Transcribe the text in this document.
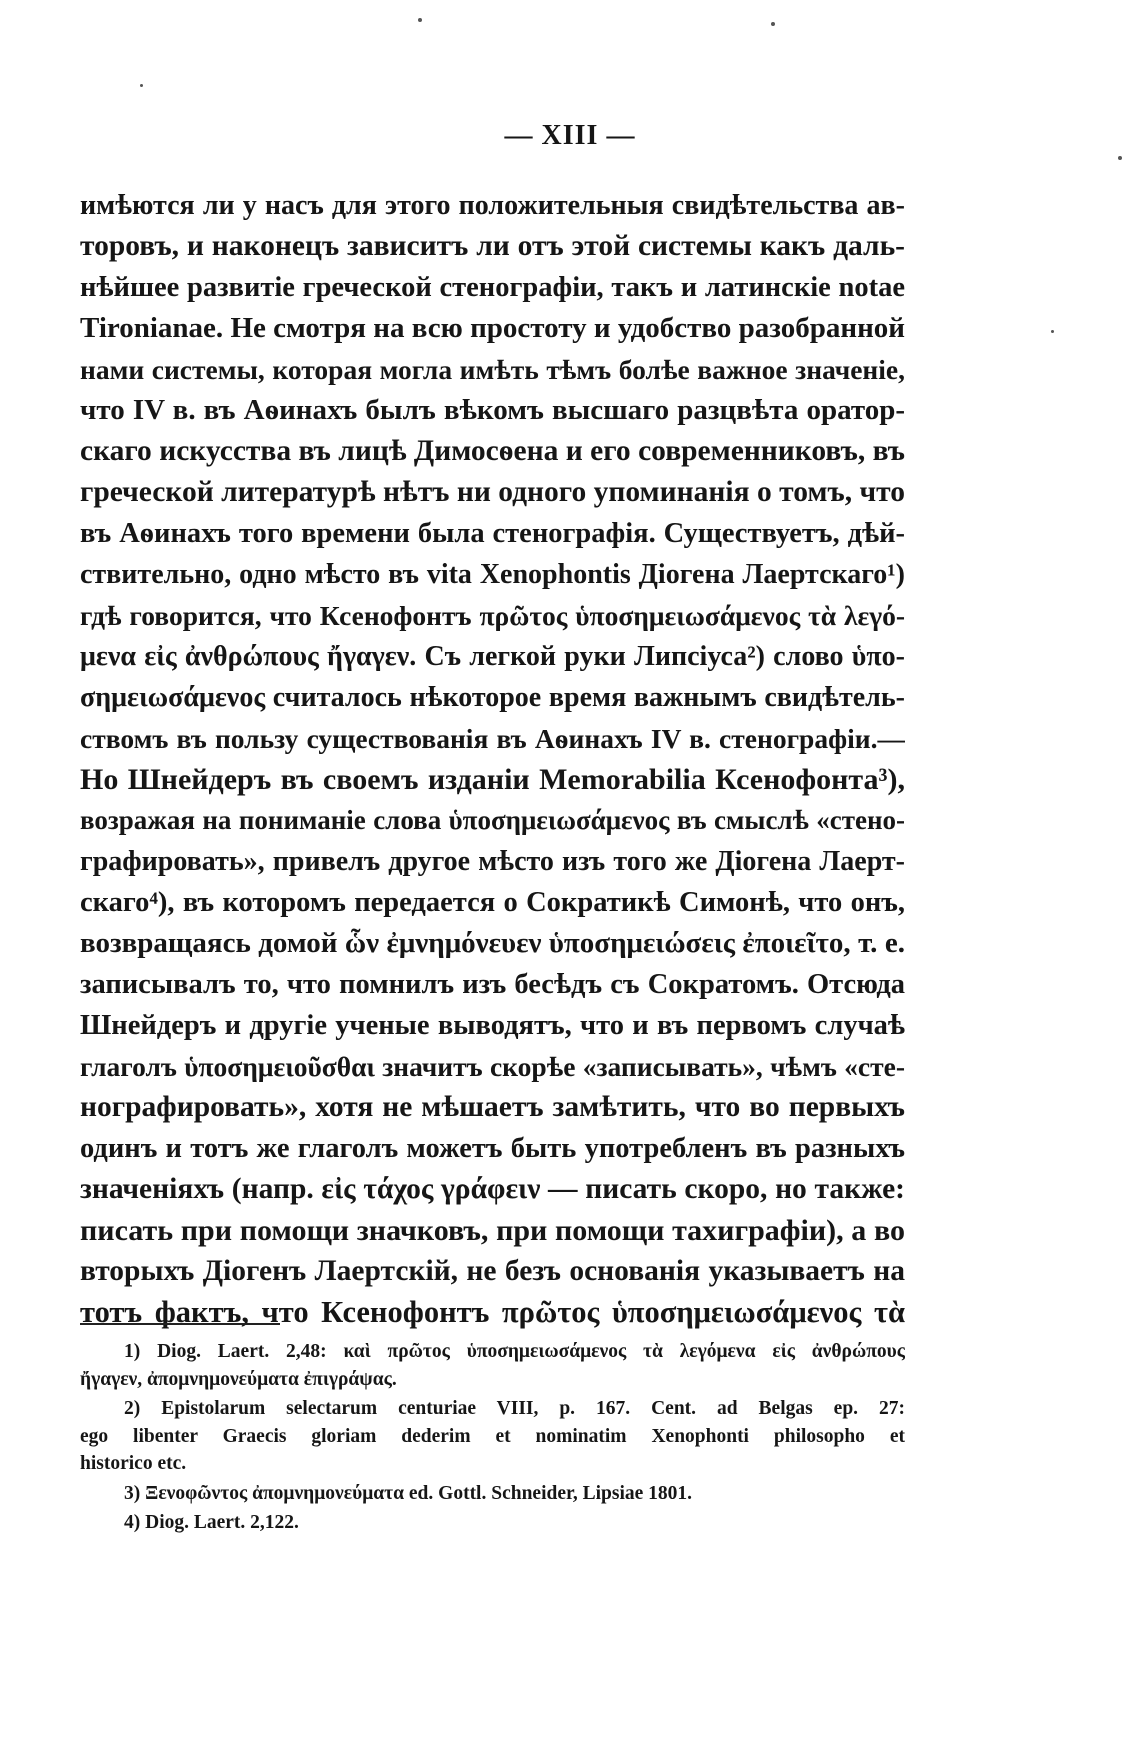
— XIII —
имѣются ли у насъ для этого положительныя свидѣтельства ав-
торовъ, и наконецъ зависитъ ли отъ этой системы какъ даль-
нѣйшее развитіе греческой стенографіи, такъ и латинскіе notae
Tironianae. Не смотря на всю простоту и удобство разобранной
нами системы, которая могла имѣть тѣмъ болѣе важное значеніе,
что IV в. въ Аѳинахъ былъ вѣкомъ высшаго разцвѣта оратор-
скаго искусства въ лицѣ Димосѳена и его современниковъ, въ
греческой литературѣ нѣтъ ни одного упоминанія о томъ, что
въ Аѳинахъ того времени была стенографія. Существуетъ, дѣй-
ствительно, одно мѣсто въ vita Xenophontis Діогена Лаертскаго¹)
гдѣ говорится, что Ксенофонтъ πρῶτος ὑποσημειωσάμενος τὰ λεγό-
μενα εἰς ἀνθρώπους ἤγαγεν. Съ легкой руки Липсіуса²) слово ὑπο-
σημειωσάμενος считалось нѣкоторое время важнымъ свидѣтель-
ствомъ въ пользу существованія въ Аѳинахъ IV в. стенографіи.—
Но Шнейдеръ въ своемъ изданіи Memorabilia Ксенофонта³),
возражая на пониманіе слова ὑποσημειωσάμενος въ смыслѣ «стено-
графировать», привелъ другое мѣсто изъ того же Діогена Лаерт-
скаго⁴), въ которомъ передается о Сократикѣ Симонѣ, что онъ,
возвращаясь домой ὧν ἐμνημόνευεν ὑποσημειώσεις ἐποιεῖτο, т. е.
записывалъ то, что помнилъ изъ бесѣдъ съ Сократомъ. Отсюда
Шнейдеръ и другіе ученые выводятъ, что и въ первомъ случаѣ
глаголъ ὑποσημειοῦσθαι значитъ скорѣе «записывать», чѣмъ «сте-
нографировать», хотя не мѣшаетъ замѣтить, что во первыхъ
одинъ и тотъ же глаголъ можетъ быть употребленъ въ разныхъ
значеніяхъ (напр. εἰς τάχος γράφειν — писать скоро, но также:
писать при помощи значковъ, при помощи тахиграфіи), а во
вторыхъ Діогенъ Лаертскій, не безъ основанія указываетъ на
тотъ фактъ, что Ксенофонтъ πρῶτος ὑποσημειωσάμενος τὰ
1) Diog. Laert. 2,48: καὶ πρῶτος ὑποσημειωσάμενος τὰ λεγόμενα εἰς ἀνθρώπους
ἤγαγεν, ἀπομνημονεύματα ἐπιγράψας.
2) Epistolarum selectarum centuriae VIII, p. 167. Cent. ad Belgas ep. 27:
ego libenter Graecis gloriam dederim et nominatim Xenophonti philosopho et
historico etc.
3) Ξενοφῶντος ἀπομνημονεύματα ed. Gottl. Schneider, Lipsiae 1801.
4) Diog. Laert. 2,122.
